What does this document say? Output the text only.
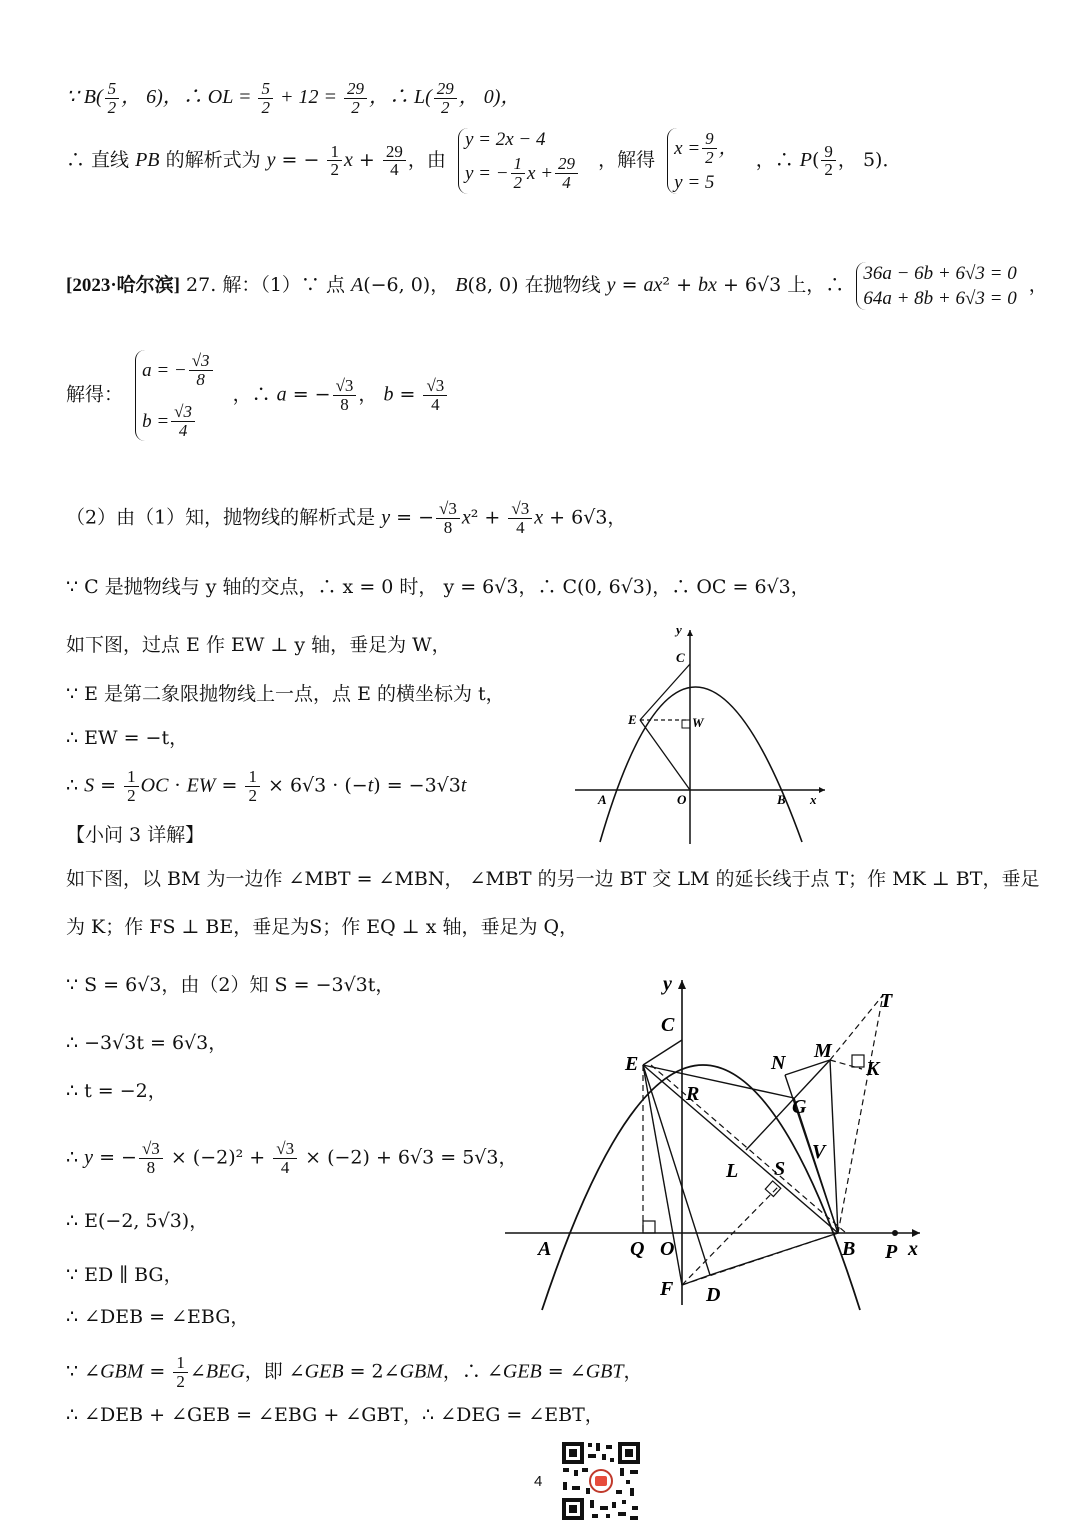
∵ $B( \frac{5}{2}$ ， 6)，∴ OL = $\frac{5}{2} + 12 = \frac{29}{2}$ ，∴ $L( \frac{29}{2}$ ， 0)，
∴ 直线 PB 的解析式为 y = − $\frac{1}{2}$ $x + \frac{29}{4}$ ，由
y = 2x − 4
y = − $\frac{1}{2}$ $x + \frac{29}{4}$ ，解得
$x = \frac{9}{2}$ ，
y = 5
，∴ $P( \frac{9}{2}$ ， 5)．
[2023·哈尔滨] 27. 解：（1）∵ 点 A(−6, 0)， B(8, 0) 在抛物线 y = ax² + bx + 6√3 上，∴
36a − 6b + 6√3 = 0
64a + 8b + 6√3 = 0
，
解得：
a = − $\frac{√3}{8}$
$b = \frac{√3}{4}$
，∴ a = − $\frac{√3}{8}$ ， $b = \frac{√3}{4}$
（2）由（1）知，抛物线的解析式是 y = − $\frac{√3}{8} x^2 + \frac{√3}{4}$ x + 6√3，
∵ C 是抛物线与 y 轴的交点，∴ x = 0 时， y = 6√3，∴ C(0, 6√3)，∴ OC = 6√3，
如下图，过点 E 作 EW ⊥ y 轴，垂足为 W，
∵ E 是第二象限抛物线上一点，点 E 的横坐标为 t，
∴ EW = −t，
∴ $S = \frac{1}{2}$ OC · EW = $\frac{1}{2} \times 6√3 \cdot (-t) = -3√3t$
【小问 3 详解】
如下图，以 BM 为一边作 ∠MBT = ∠MBN， ∠MBT 的另一边 BT 交 LM 的延长线于点 T；作 MK ⊥ BT，垂足
为 K；作 FS ⊥ BE，垂足为S；作 EQ ⊥ x 轴，垂足为 Q，
∵ S = 6√3，由（2）知 S = −3√3t，
∴ −3√3t = 6√3，
∴ t = −2，
∴ y = − $\frac{√3}{8} \times (-2)^2 + \frac{√3}{4} \times (-2) + 6√3 = 5√3$，
∴ E(−2, 5√3)，
∵ ED ∥ BG，
∴ ∠DEB = ∠EBG，
∵ ∠GBM = $\frac{1}{2}$ ∠BEG，即 ∠GEB = 2∠GBM，∴ ∠GEB = ∠GBT，
∴ ∠DEB + ∠GEB = ∠EBG + ∠GBT，∴ ∠DEG = ∠EBT，
y
C
E	W
A	O	B x
y
T
C
M
E	N	K
R
G
V
L S
A	Q O	B P x
F D
4
